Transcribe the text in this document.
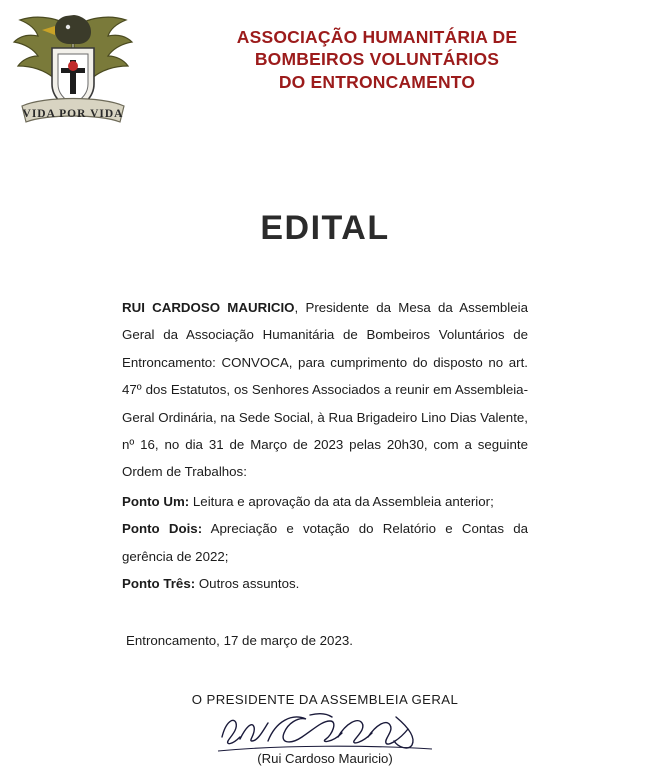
VIDA POR VIDA
ASSOCIAÇÃO HUMANITÁRIA DE
BOMBEIROS VOLUNTÁRIOS
DO ENTRONCAMENTO
EDITAL

RUI CARDOSO MAURICIO, Presidente da Mesa da Assembleia Geral da Associação Humanitária de Bombeiros Voluntários de Entroncamento: CONVOCA, para cumprimento do disposto no art. 47º dos Estatutos, os Senhores Associados a reunir em Assembleia-Geral Ordinária, na Sede Social, à Rua Brigadeiro Lino Dias Valente, nº 16, no dia 31 de Março de 2023 pelas 20h30, com a seguinte Ordem de Trabalhos:

Ponto Um: Leitura e aprovação da ata da Assembleia anterior;

Ponto Dois: Apreciação e votação do Relatório e Contas da gerência de 2022;

Ponto Três: Outros assuntos.

Entroncamento, 17 de março de 2023.
O PRESIDENTE DA ASSEMBLEIA GERAL
(Rui Cardoso Mauricio)
